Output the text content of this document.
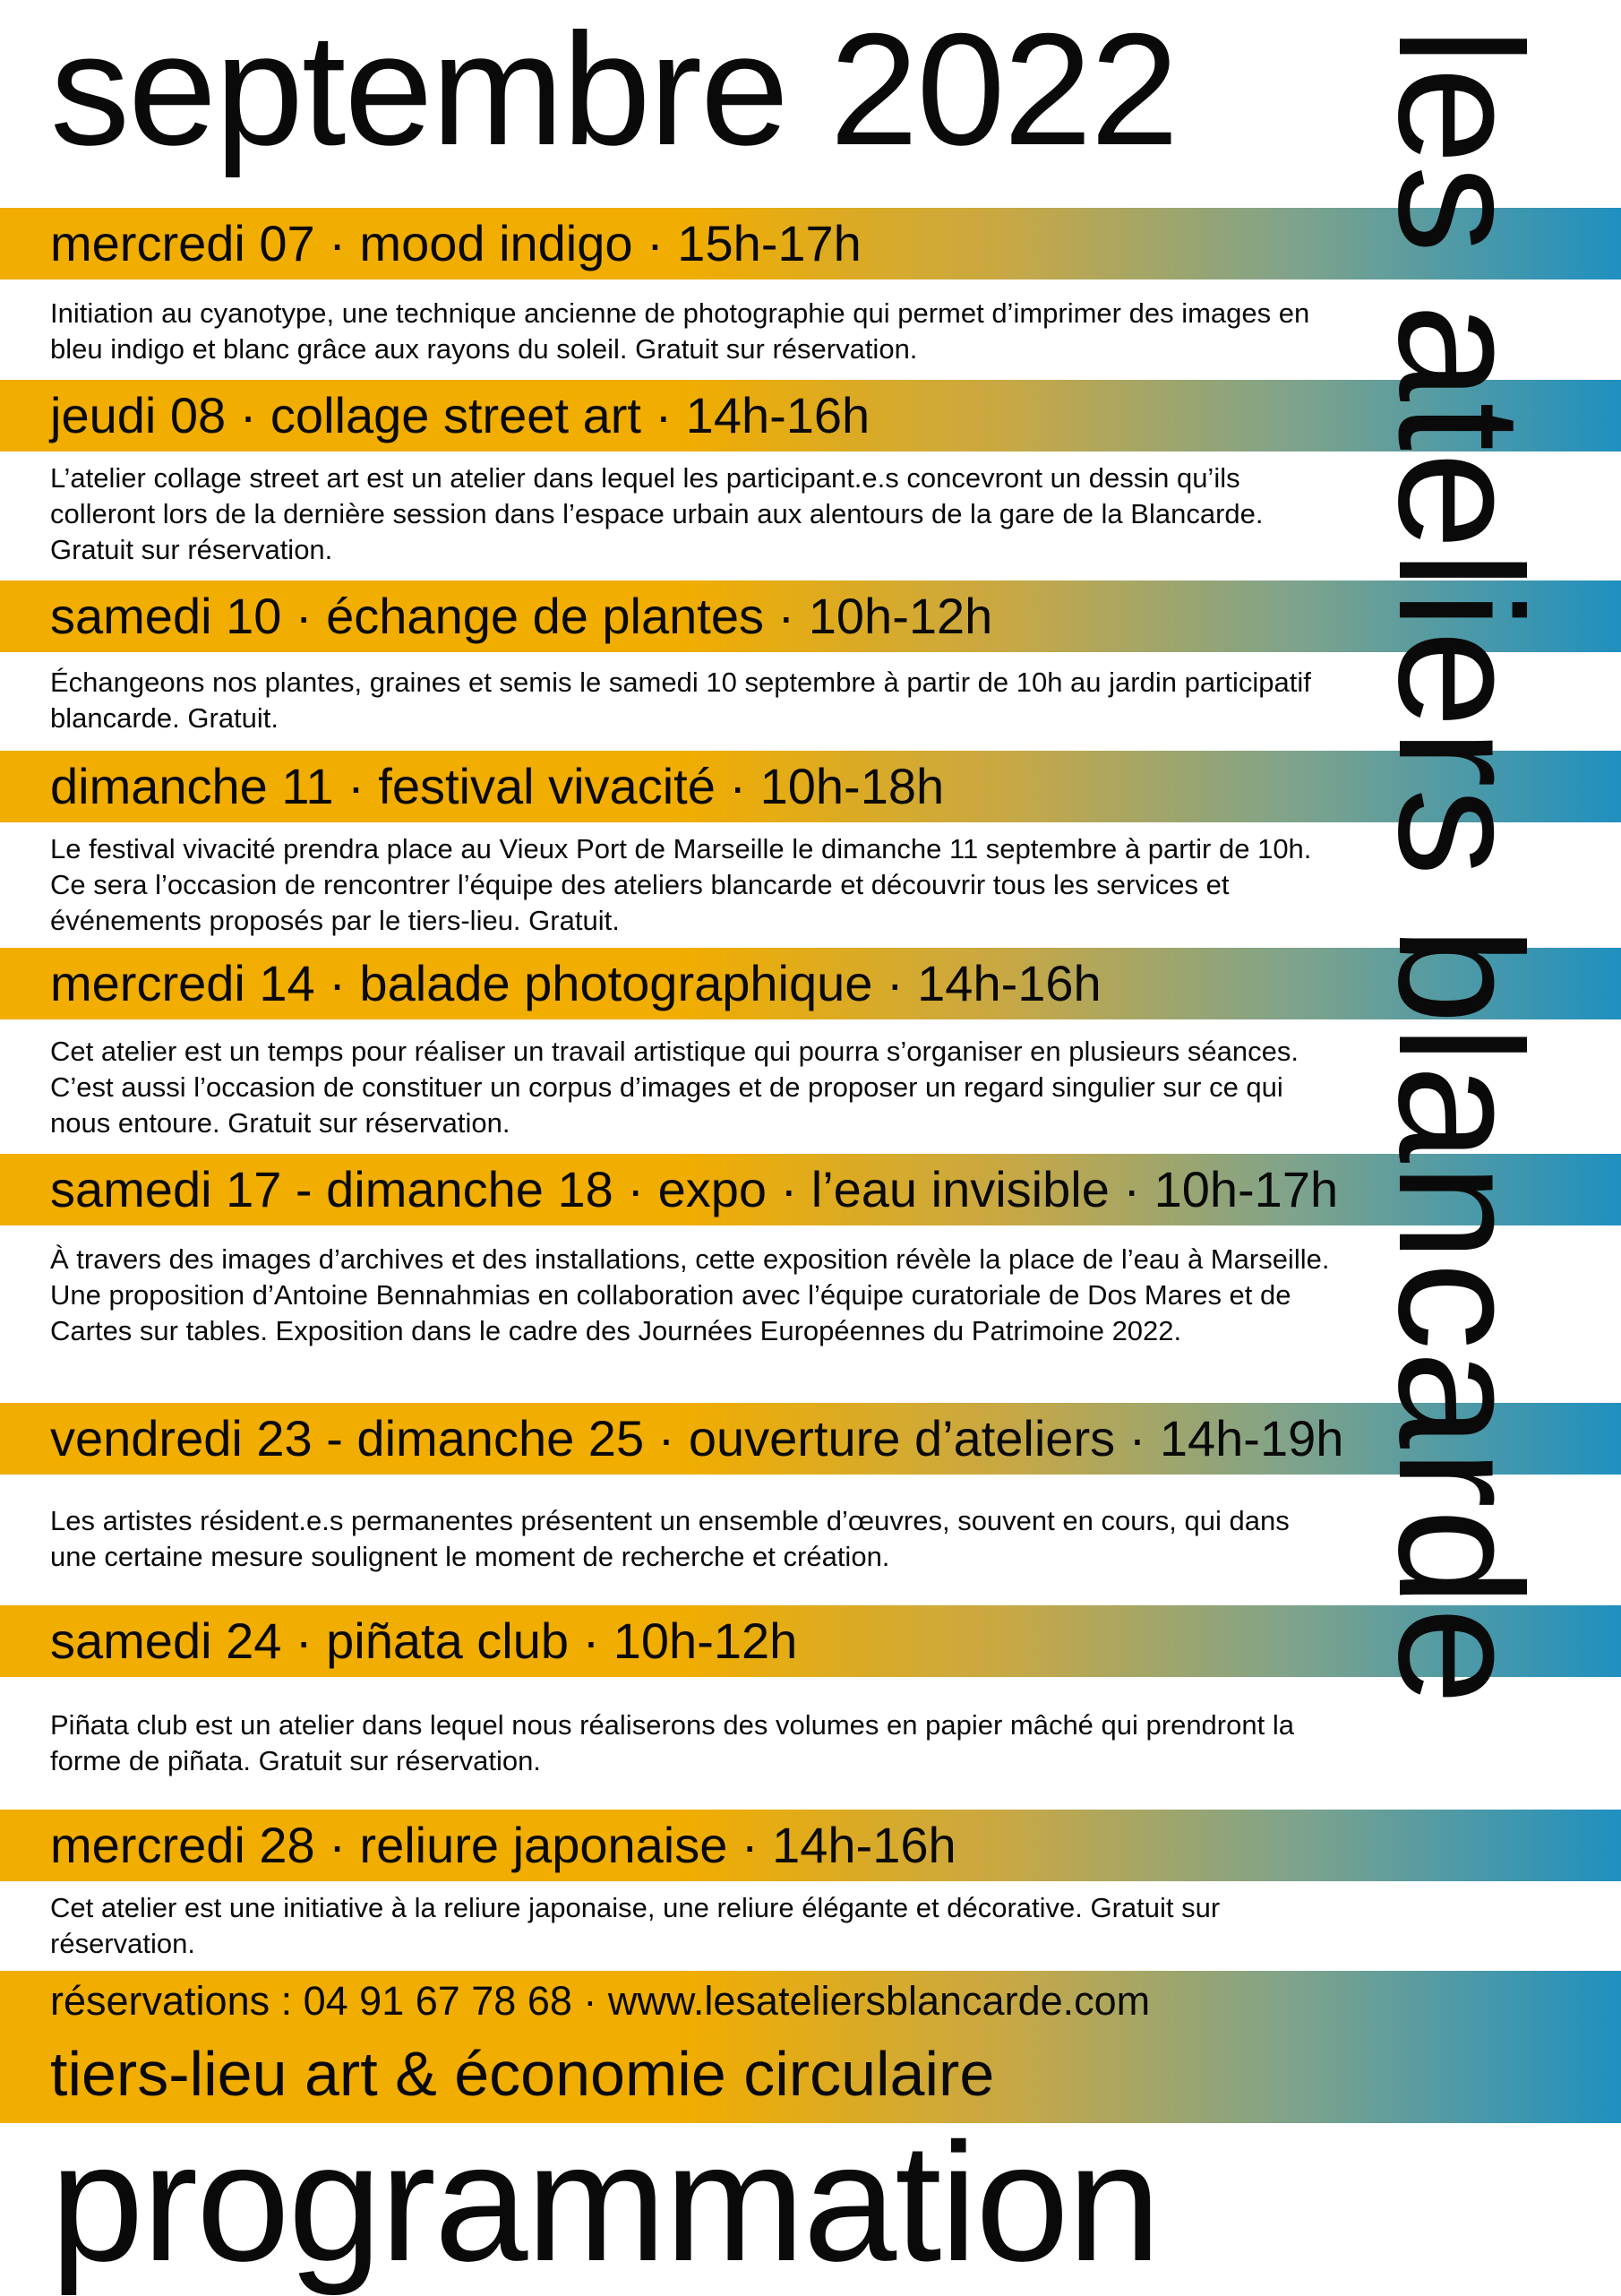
septembre 2022
mercredi 07 · mood indigo · 15h-17h
Initiation au cyanotype, une technique ancienne de photographie qui permet d’imprimer des images en bleu indigo et blanc grâce aux rayons du soleil. Gratuit sur réservation.
jeudi 08 · collage street art · 14h-16h
L’atelier collage street art est un atelier dans lequel les participant.e.s concevront un dessin qu’ils colleront lors de la dernière session dans l’espace urbain aux alentours de la gare de la Blancarde. Gratuit sur réservation.
samedi 10 · échange de plantes · 10h-12h
Échangeons nos plantes, graines et semis le samedi 10 septembre à partir de 10h au jardin participatif blancarde. Gratuit.
dimanche 11 · festival vivacité · 10h-18h
Le festival vivacité prendra place au Vieux Port de Marseille le dimanche 11 septembre à partir de 10h. Ce sera l’occasion de rencontrer l’équipe des ateliers blancarde et découvrir tous les services et événements proposés par le tiers-lieu. Gratuit.
mercredi 14 · balade photographique · 14h-16h
Cet atelier est un temps pour réaliser un travail artistique qui pourra s’organiser en plusieurs séances. C’est aussi l’occasion de constituer un corpus d’images et de proposer un regard singulier sur ce qui nous entoure. Gratuit sur réservation.
samedi 17 - dimanche 18 · expo · l’eau invisible · 10h-17h
À travers des images d’archives et des installations, cette exposition révèle la place de l’eau à Marseille. Une proposition d’Antoine Bennahmias en collaboration avec l’équipe curatoriale de Dos Mares et de Cartes sur tables. Exposition dans le cadre des Journées Européennes du Patrimoine 2022.
vendredi 23 - dimanche 25 · ouverture d’ateliers · 14h-19h
Les artistes résident.e.s permanentes présentent un ensemble d’œuvres, souvent en cours, qui dans une certaine mesure soulignent le moment de recherche et création.
samedi 24 · piñata club · 10h-12h
Piñata club est un atelier dans lequel nous réaliserons des volumes en papier mâché qui prendront la forme de piñata. Gratuit sur réservation.
mercredi 28 · reliure japonaise · 14h-16h
Cet atelier est une initiative à la reliure japonaise, une reliure élégante et décorative. Gratuit sur réservation.
réservations : 04 91 67 78 68 · www.lesateliersblancarde.com
tiers-lieu art & économie circulaire
programmation
les ateliers blancarde
